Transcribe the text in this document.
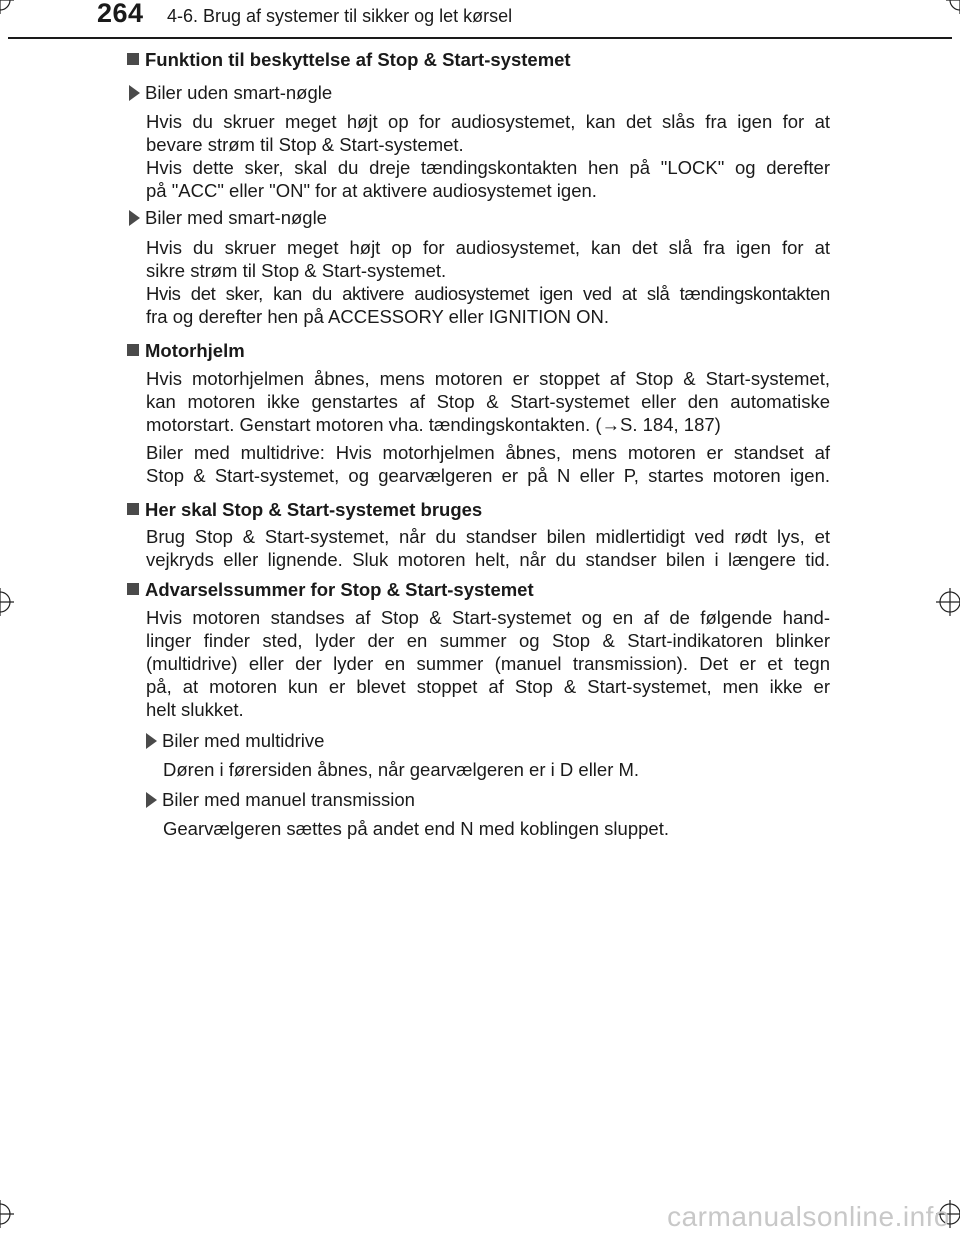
264 4-6. Brug af systemer til sikker og let kørsel
Funktion til beskyttelse af Stop & Start-systemet
Biler uden smart-nøgle
Hvis du skruer meget højt op for audiosystemet, kan det slås fra igen for at
bevare strøm til Stop & Start-systemet.
Hvis dette sker, skal du dreje tændingskontakten hen på "LOCK" og derefter
på "ACC" eller "ON" for at aktivere audiosystemet igen.
Biler med smart-nøgle
Hvis du skruer meget højt op for audiosystemet, kan det slå fra igen for at
sikre strøm til Stop & Start-systemet.
Hvis det sker, kan du aktivere audiosystemet igen ved at slå tændingskontakten
fra og derefter hen på ACCESSORY eller IGNITION ON.
Motorhjelm
Hvis motorhjelmen åbnes, mens motoren er stoppet af Stop & Start-systemet,
kan motoren ikke genstartes af Stop & Start-systemet eller den automatiske
motorstart. Genstart motoren vha. tændingskontakten. (→S. 184, 187)
Biler med multidrive: Hvis motorhjelmen åbnes, mens motoren er standset af
Stop & Start-systemet, og gearvælgeren er på N eller P, startes motoren igen.
Her skal Stop & Start-systemet bruges
Brug Stop & Start-systemet, når du standser bilen midlertidigt ved rødt lys, et
vejkryds eller lignende. Sluk motoren helt, når du standser bilen i længere tid.
Advarselssummer for Stop & Start-systemet
Hvis motoren standses af Stop & Start-systemet og en af de følgende hand-
linger finder sted, lyder der en summer og Stop & Start-indikatoren blinker
(multidrive) eller der lyder en summer (manuel transmission). Det er et tegn
på, at motoren kun er blevet stoppet af Stop & Start-systemet, men ikke er
helt slukket.
Biler med multidrive
Døren i førersiden åbnes, når gearvælgeren er i D eller M.
Biler med manuel transmission
Gearvælgeren sættes på andet end N med koblingen sluppet.
carmanualsonline.info
